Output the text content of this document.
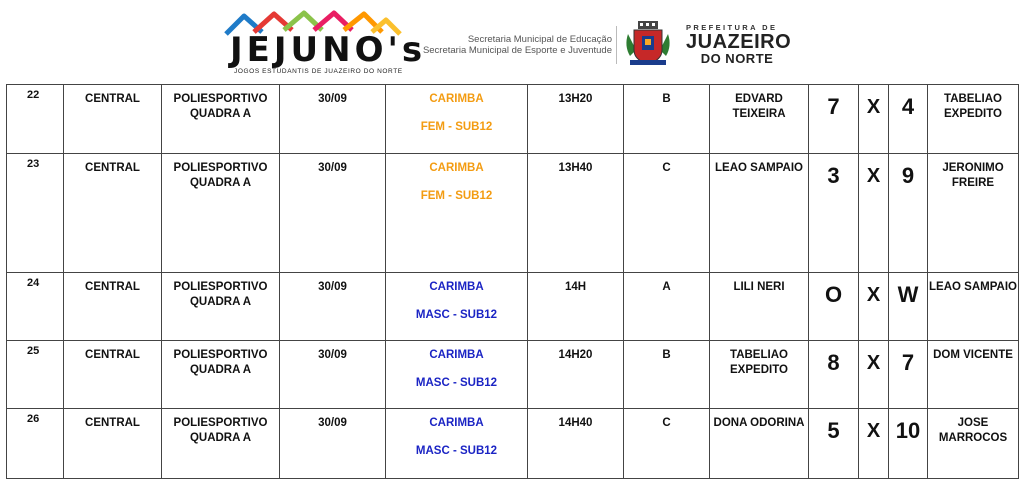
JEJUNO's
JOGOS ESTUDANTIS DE JUAZEIRO DO NORTE
Secretaria Municipal de Educação
Secretaria Municipal de Esporte e Juventude
PREFEITURA DE
JUAZEIRO
DO NORTE
22	CENTRAL	POLIESPORTIVO
QUADRA A	30/09	CARIMBA
FEM - SUB12	13H20	B	EDVARD TEIXEIRA	7	X	4	TABELIAO EXPEDITO

23	CENTRAL	POLIESPORTIVO
QUADRA A	30/09	CARIMBA
FEM - SUB12	13H40	C	LEAO SAMPAIO	3	X	9	JERONIMO FREIRE

24	CENTRAL	POLIESPORTIVO
QUADRA A	30/09	CARIMBA
MASC - SUB12	14H	A	LILI NERI	O	X	W	LEAO SAMPAIO

25	CENTRAL	POLIESPORTIVO
QUADRA A	30/09	CARIMBA
MASC - SUB12	14H20	B	TABELIAO EXPEDITO	8	X	7	DOM VICENTE

26	CENTRAL	POLIESPORTIVO
QUADRA A	30/09	CARIMBA
MASC - SUB12	14H40	C	DONA ODORINA	5	X	10	JOSE MARROCOS
